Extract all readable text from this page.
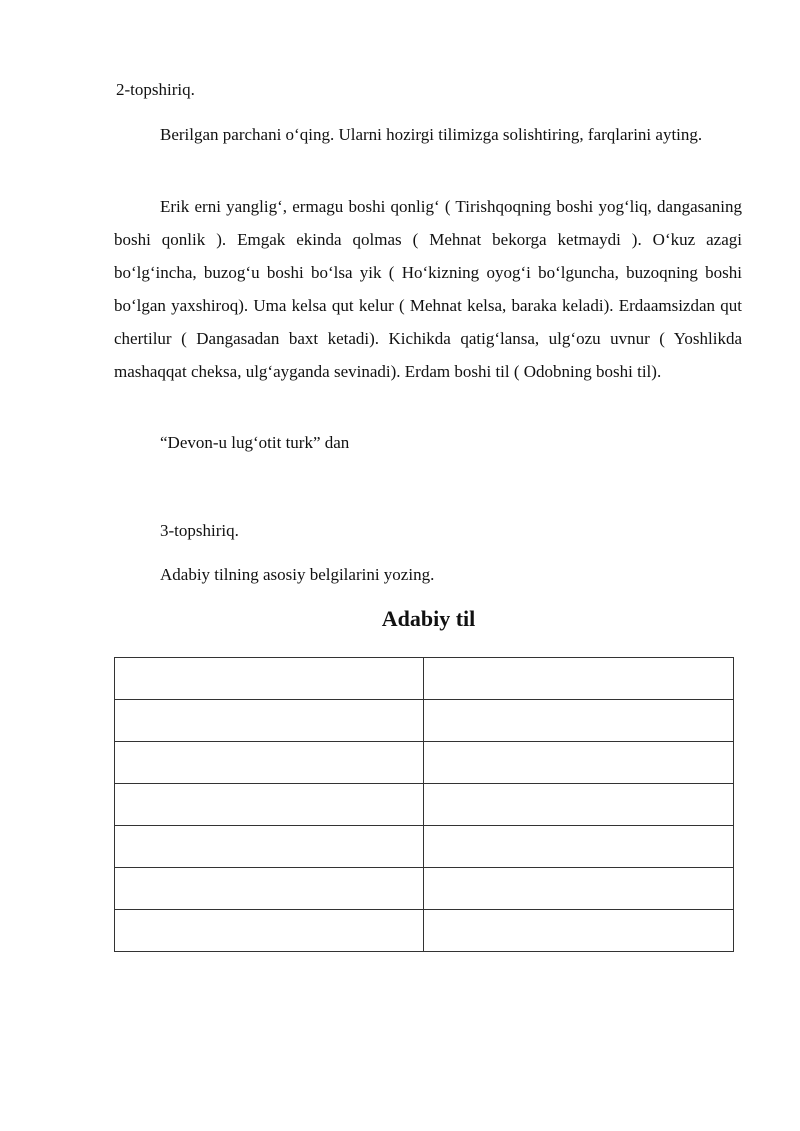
2-topshiriq.
Berilgan parchani o‘qing. Ularni hozirgi tilimizga solishtiring, farqlarini ayting.
Erik erni yanglig‘, ermagu boshi qonlig‘ ( Tirishqoqning boshi yog‘liq, dangasaning boshi qonlik ). Emgak ekinda qolmas ( Mehnat bekorga ketmaydi ). O‘kuz azagi bo‘lg‘incha, buzog‘u boshi bo‘lsa yik ( Ho‘kizning oyog‘i bo‘lguncha, buzoqning boshi bo‘lgan yaxshiroq). Uma kelsa qut kelur ( Mehnat kelsa, baraka keladi). Erdaamsizdan qut chertilur ( Dangasadan baxt ketadi). Kichikda qatig‘lansa, ulg‘ozu uvnur ( Yoshlikda mashaqqat cheksa, ulg‘ayganda sevinadi). Erdam boshi til ( Odobning boshi til).
“Devon-u lug‘otit turk” dan
3-topshiriq.
Adabiy tilning asosiy belgilarini yozing.
Adabiy til
